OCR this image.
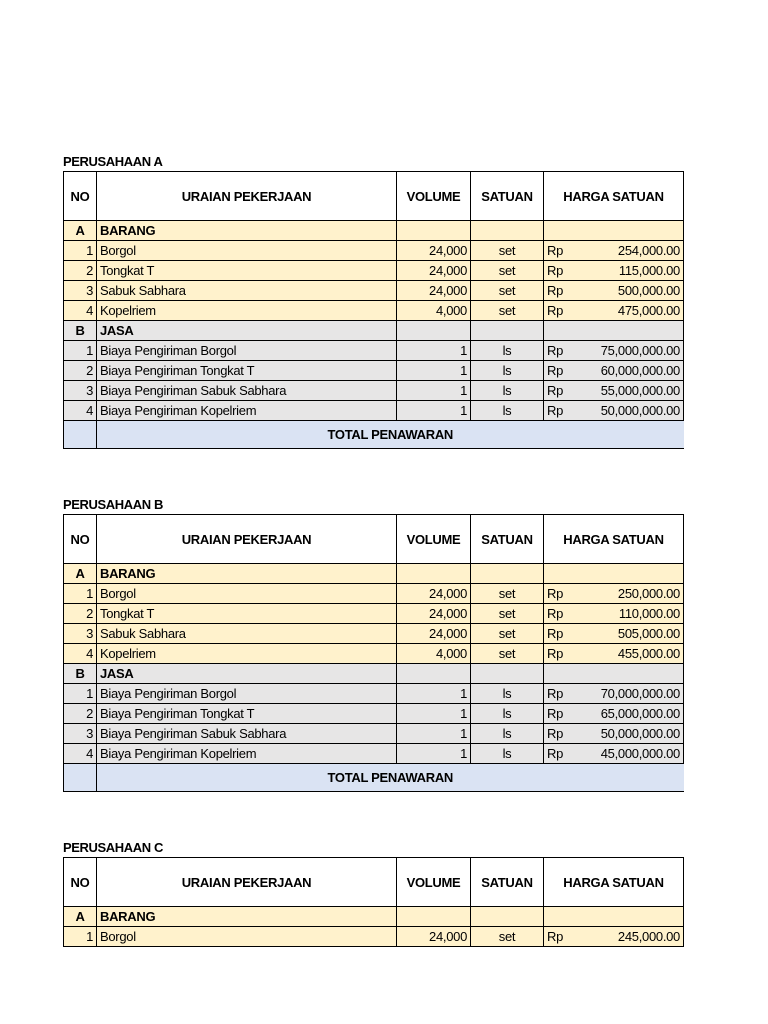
PERUSAHAAN A
NO	URAIAN PEKERJAAN	VOLUME	SATUAN	HARGA SATUAN	
A	BARANG				
1	Borgol	24,000	set	Rp	254,000.00
2	Tongkat T	24,000	set	Rp	115,000.00
3	Sabuk Sabhara	24,000	set	Rp	500,000.00
4	Kopelriem	4,000	set	Rp	475,000.00
B	JASA				
1	Biaya Pengiriman Borgol	1	ls	Rp	75,000,000.00
2	Biaya Pengiriman Tongkat T	1	ls	Rp	60,000,000.00
3	Biaya Pengiriman Sabuk Sabhara	1	ls	Rp	55,000,000.00
4	Biaya Pengiriman Kopelriem	1	ls	Rp	50,000,000.00
	TOTAL PENAWARAN				
PERUSAHAAN B
NO	URAIAN PEKERJAAN	VOLUME	SATUAN	HARGA SATUAN	
A	BARANG				
1	Borgol	24,000	set	Rp	250,000.00
2	Tongkat T	24,000	set	Rp	110,000.00
3	Sabuk Sabhara	24,000	set	Rp	505,000.00
4	Kopelriem	4,000	set	Rp	455,000.00
B	JASA				
1	Biaya Pengiriman Borgol	1	ls	Rp	70,000,000.00
2	Biaya Pengiriman Tongkat T	1	ls	Rp	65,000,000.00
3	Biaya Pengiriman Sabuk Sabhara	1	ls	Rp	50,000,000.00
4	Biaya Pengiriman Kopelriem	1	ls	Rp	45,000,000.00
	TOTAL PENAWARAN				
PERUSAHAAN C
NO	URAIAN PEKERJAAN	VOLUME	SATUAN	HARGA SATUAN	
A	BARANG				
1	Borgol	24,000	set	Rp	245,000.00
